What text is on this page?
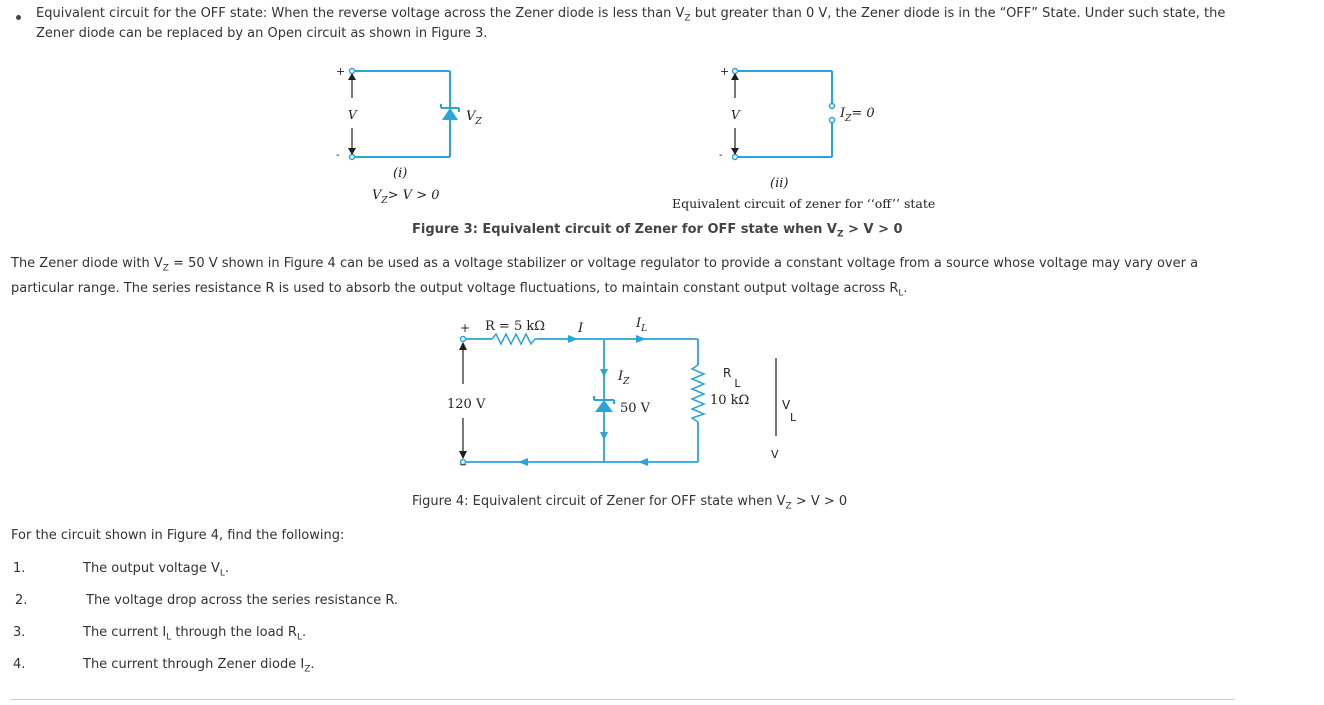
Equivalent circuit for the OFF state: When the reverse voltage across the Zener diode is less than $V_Z$ but greater than 0 V, the Zener diode is in the “OFF” State. Under such state, the
Zener diode can be replaced by an Open circuit as shown in Figure 3.
+
-
V	$V_Z$
(i)
$V_Z> V > 0$
+
-
V	$I_Z= 0$
(ii)
Equivalent circuit of zener for ‘‘off’’ state
Figure 3: Equivalent circuit of Zener for OFF state when $V_Z > V > 0$
The Zener diode with $V_Z = 50$ V shown in Figure 4 can be used as a voltage stabilizer or voltage regulator to provide a constant voltage from a source whose voltage may vary over a
particular range. The series resistance R is used to absorb the output voltage fluctuations, to maintain constant output voltage across $R_L$.
+
−
R = 5 kΩ	I	$I_L$
$I_Z$
120 V	50 V
RL
10 kΩ	VL
V
Figure 4: Equivalent circuit of Zener for OFF state when $V_Z > V > 0$
For the circuit shown in Figure 4, find the following:
1.	The output voltage $V_L$.
2.	The voltage drop across the series resistance R.
3.	The current $I_L$ through the load $R_L$.
4.	The current through Zener diode $I_Z$.
